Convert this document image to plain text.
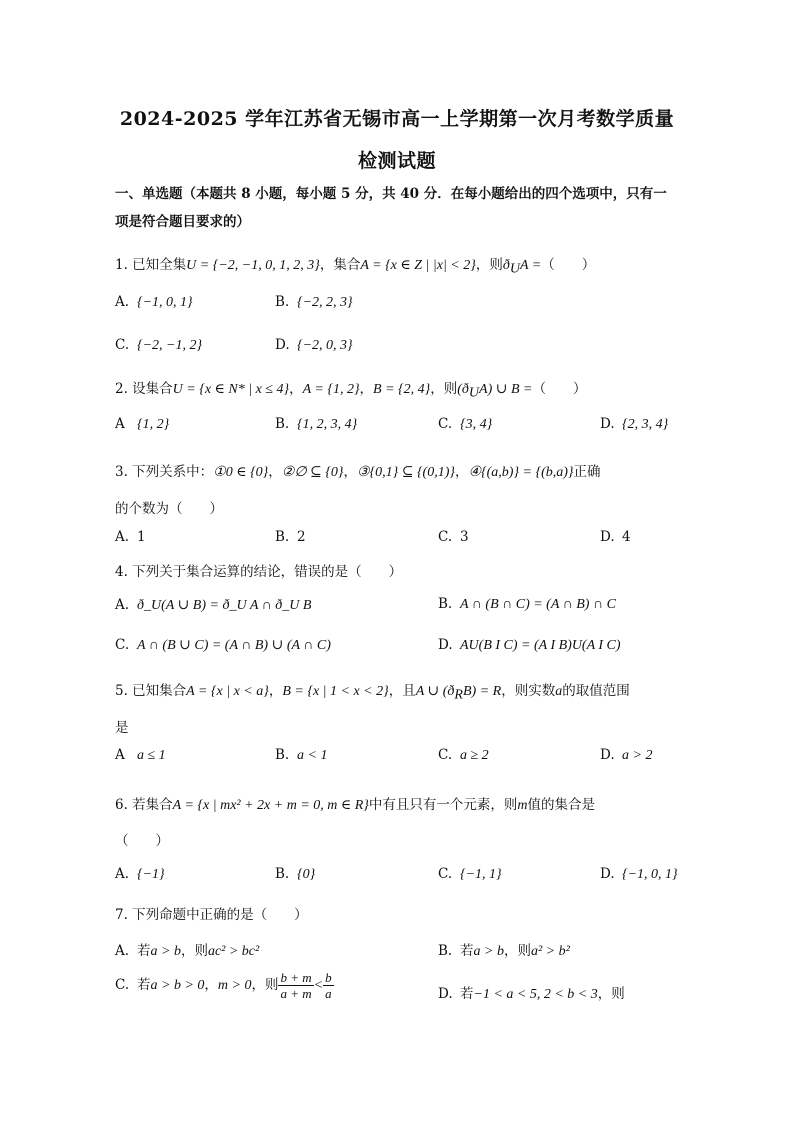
2024-2025 学年江苏省无锡市高一上学期第一次月考数学质量
检测试题
一、单选题（本题共 8 小题，每小题 5 分，共 40 分．在每小题给出的四个选项中，只有一
项是符合题目要求的）
1. 已知全集U = {−2, −1, 0, 1, 2, 3}，集合A = {x ∈ Z | |x| < 2}，则$ð_UA$ =（　　）
A. {−1, 0, 1}	B. {−2, 2, 3}
C. {−2, −1, 2}	D. {−2, 0, 3}
2. 设集合U = {x ∈ N* | x ≤ 4}，A = {1, 2}，B = {2, 4}，则$(ð_UA)$ ∪ B =（　　）
A {1, 2}	B. {1, 2, 3, 4}	C. {3, 4}	D. {2, 3, 4}
3. 下列关系中：①0 ∈ {0}，②∅ ⊆ {0}，③{0,1} ⊆ {(0,1)}，④{(a,b)} = {(b,a)}正确
的个数为（　　）
A. 1	B. 2	C. 3	D. 4
4. 下列关于集合运算的结论，错误的是（　　）
A. ð_U(A ∪ B) = ð_U A ∩ ð_U B	B. A ∩ (B ∩ C) = (A ∩ B) ∩ C
C. A ∩ (B ∪ C) = (A ∩ B) ∪ (A ∩ C)	D. AU(B I C) = (A I B)U(A I C)
5. 已知集合A = {x | x < a}，B = {x | 1 < x < 2}，且A ∪ $(ð_RB) = R$，则实数a的取值范围
是
A a ≤ 1	B. a < 1	C. a ≥ 2	D. a > 2
6. 若集合A = {x | mx² + 2x + m = 0, m ∈ R}中有且只有一个元素，则m值的集合是
（　　）
A. {−1}	B. {0}	C. {−1, 1}	D. {−1, 0, 1}
7. 下列命题中正确的是（　　）
A. 若a > b，则ac² > bc²	B. 若a > b，则a² > b²
C. 若a > b > 0，m > 0，则 $\frac{b + m}{a + m} < \frac{b}{a}$	D. 若−1 < a < 5, 2 < b < 3，则
